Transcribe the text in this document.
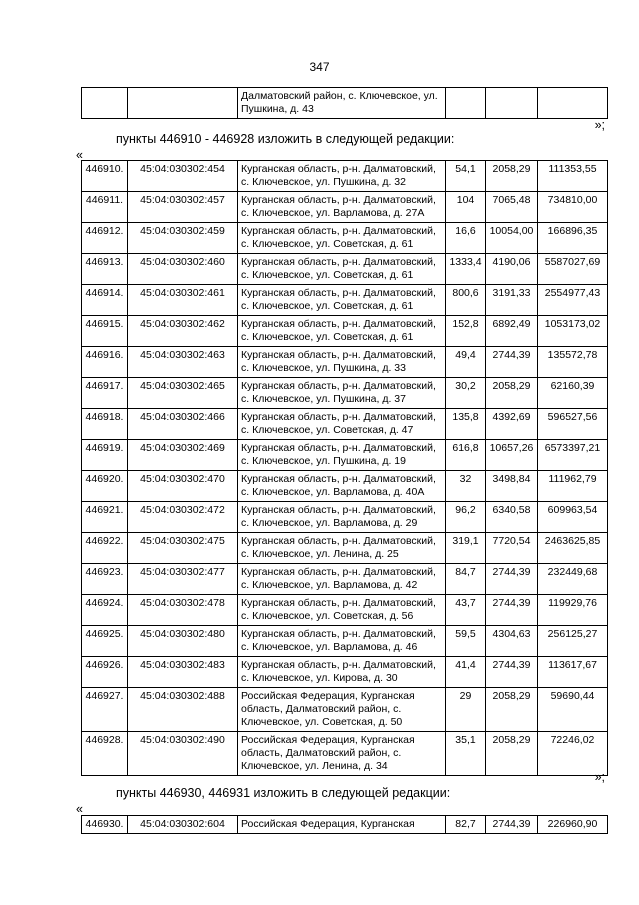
347
		Далматовский район, с. Ключевское, ул. Пушкина, д. 43			
»;
пункты 446910 - 446928 изложить в следующей редакции:
«
446910.	45:04:030302:454	Курганская область, р-н. Далматовский, с. Ключевское, ул. Пушкина, д. 32	54,1	2058,29	111353,55
446911.	45:04:030302:457	Курганская область, р-н. Далматовский, с. Ключевское, ул. Варламова, д. 27А	104	7065,48	734810,00
446912.	45:04:030302:459	Курганская область, р-н. Далматовский, с. Ключевское, ул. Советская, д. 61	16,6	10054,00	166896,35
446913.	45:04:030302:460	Курганская область, р-н. Далматовский, с. Ключевское, ул. Советская, д. 61	1333,4	4190,06	5587027,69
446914.	45:04:030302:461	Курганская область, р-н. Далматовский, с. Ключевское, ул. Советская, д. 61	800,6	3191,33	2554977,43
446915.	45:04:030302:462	Курганская область, р-н. Далматовский, с. Ключевское, ул. Советская, д. 61	152,8	6892,49	1053173,02
446916.	45:04:030302:463	Курганская область, р-н. Далматовский, с. Ключевское, ул. Пушкина, д. 33	49,4	2744,39	135572,78
446917.	45:04:030302:465	Курганская область, р-н. Далматовский, с. Ключевское, ул. Пушкина, д. 37	30,2	2058,29	62160,39
446918.	45:04:030302:466	Курганская область, р-н. Далматовский, с. Ключевское, ул. Советская, д. 47	135,8	4392,69	596527,56
446919.	45:04:030302:469	Курганская область, р-н. Далматовский, с. Ключевское, ул. Пушкина, д. 19	616,8	10657,26	6573397,21
446920.	45:04:030302:470	Курганская область, р-н. Далматовский, с. Ключевское, ул. Варламова, д. 40А	32	3498,84	111962,79
446921.	45:04:030302:472	Курганская область, р-н. Далматовский, с. Ключевское, ул. Варламова, д. 29	96,2	6340,58	609963,54
446922.	45:04:030302:475	Курганская область, р-н. Далматовский, с. Ключевское, ул. Ленина, д. 25	319,1	7720,54	2463625,85
446923.	45:04:030302:477	Курганская область, р-н. Далматовский, с. Ключевское, ул. Варламова, д. 42	84,7	2744,39	232449,68
446924.	45:04:030302:478	Курганская область, р-н. Далматовский, с. Ключевское, ул. Советская, д. 56	43,7	2744,39	119929,76
446925.	45:04:030302:480	Курганская область, р-н. Далматовский, с. Ключевское, ул. Варламова, д. 46	59,5	4304,63	256125,27
446926.	45:04:030302:483	Курганская область, р-н. Далматовский, с. Ключевское, ул. Кирова, д. 30	41,4	2744,39	113617,67
446927.	45:04:030302:488	Российская Федерация, Курганская область, Далматовский район, с. Ключевское, ул. Советская, д. 50	29	2058,29	59690,44
446928.	45:04:030302:490	Российская Федерация, Курганская область, Далматовский район, с. Ключевское, ул. Ленина, д. 34	35,1	2058,29	72246,02
»;
пункты 446930, 446931 изложить в следующей редакции:
«
446930.	45:04:030302:604	Российская Федерация, Курганская	82,7	2744,39	226960,90
